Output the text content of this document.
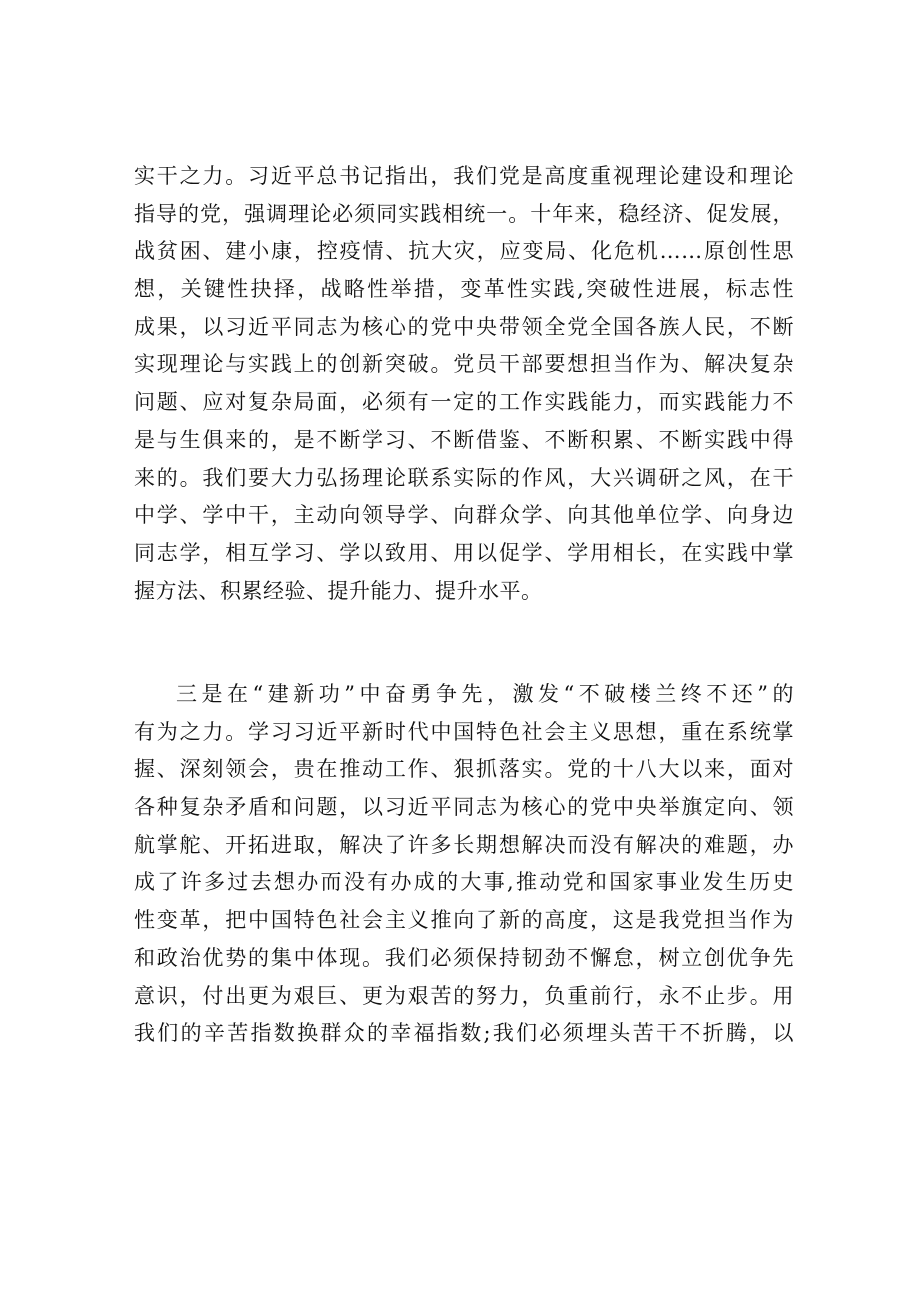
实干之力。习近平总书记指出，我们党是高度重视理论建设和理论
指导的党，强调理论必须同实践相统一。十年来，稳经济、促发展，
战贫困、建小康，控疫情、抗大灾，应变局、化危机……原创性思
想，关键性抉择，战略性举措，变革性实践,突破性进展，标志性
成果，以习近平同志为核心的党中央带领全党全国各族人民，不断
实现理论与实践上的创新突破。党员干部要想担当作为、解决复杂
问题、应对复杂局面，必须有一定的工作实践能力，而实践能力不
是与生俱来的，是不断学习、不断借鉴、不断积累、不断实践中得
来的。我们要大力弘扬理论联系实际的作风，大兴调研之风，在干
中学、学中干，主动向领导学、向群众学、向其他单位学、向身边
同志学，相互学习、学以致用、用以促学、学用相长，在实践中掌
握方法、积累经验、提升能力、提升水平。
三是在“建新功”中奋勇争先，激发“不破楼兰终不还”的
有为之力。学习习近平新时代中国特色社会主义思想，重在系统掌
握、深刻领会，贵在推动工作、狠抓落实。党的十八大以来，面对
各种复杂矛盾和问题，以习近平同志为核心的党中央举旗定向、领
航掌舵、开拓进取，解决了许多长期想解决而没有解决的难题，办
成了许多过去想办而没有办成的大事,推动党和国家事业发生历史
性变革，把中国特色社会主义推向了新的高度，这是我党担当作为
和政治优势的集中体现。我们必须保持韧劲不懈怠，树立创优争先
意识，付出更为艰巨、更为艰苦的努力，负重前行，永不止步。用
我们的辛苦指数换群众的幸福指数;我们必须埋头苦干不折腾，以
